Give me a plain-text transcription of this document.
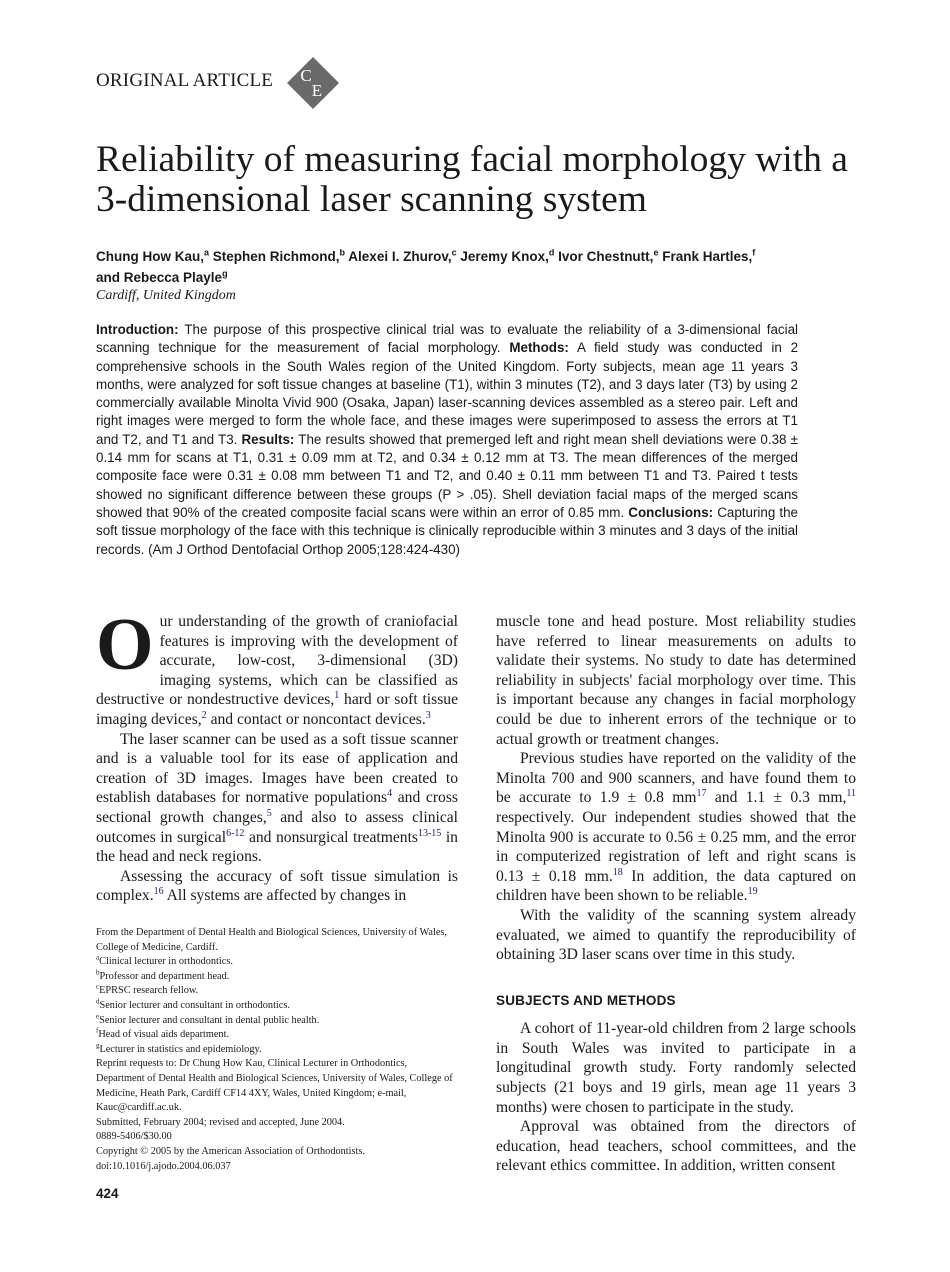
ORIGINAL ARTICLE C
E
Reliability of measuring facial morphology with a 3-dimensional laser scanning system
Chung How Kau,$^a$ Stephen Richmond,$^b$ Alexei I. Zhurov,$^c$ Jeremy Knox,$^d$ Ivor Chestnutt,$^e$ Frank Hartles,$^f$
and Rebecca Playle$^g$
Cardiff, United Kingdom
Introduction: The purpose of this prospective clinical trial was to evaluate the reliability of a 3-dimensional facial scanning technique for the measurement of facial morphology. Methods: A field study was conducted in 2 comprehensive schools in the South Wales region of the United Kingdom. Forty subjects, mean age 11 years 3 months, were analyzed for soft tissue changes at baseline (T1), within 3 minutes (T2), and 3 days later (T3) by using 2 commercially available Minolta Vivid 900 (Osaka, Japan) laser-scanning devices assembled as a stereo pair. Left and right images were merged to form the whole face, and these images were superimposed to assess the errors at T1 and T2, and T1 and T3. Results: The results showed that premerged left and right mean shell deviations were 0.38 ± 0.14 mm for scans at T1, 0.31 ± 0.09 mm at T2, and 0.34 ± 0.12 mm at T3. The mean differences of the merged composite face were 0.31 ± 0.08 mm between T1 and T2, and 0.40 ± 0.11 mm between T1 and T3. Paired t tests showed no significant difference between these groups (P > .05). Shell deviation facial maps of the merged scans showed that 90% of the created composite facial scans were within an error of 0.85 mm. Conclusions: Capturing the soft tissue morphology of the face with this technique is clinically reproducible within 3 minutes and 3 days of the initial records. (Am J Orthod Dentofacial Orthop 2005;128:424-430)

Our understanding of the growth of craniofacial features is improving with the development of accurate, low-cost, 3-dimensional (3D) imaging systems, which can be classified as destructive or nondestructive devices,$^1$ hard or soft tissue imaging devices,$^2$ and contact or noncontact devices.$^3$

The laser scanner can be used as a soft tissue scanner and is a valuable tool for its ease of application and creation of 3D images. Images have been created to establish databases for normative populations$^4$ and cross sectional growth changes,$^5$ and also to assess clinical outcomes in surgical$^{6-12}$ and nonsurgical treatments$^{13-15}$ in the head and neck regions.

Assessing the accuracy of soft tissue simulation is complex.$^{16}$ All systems are affected by changes in

muscle tone and head posture. Most reliability studies have referred to linear measurements on adults to validate their systems. No study to date has determined reliability in subjects' facial morphology over time. This is important because any changes in facial morphology could be due to inherent errors of the technique or to actual growth or treatment changes.

Previous studies have reported on the validity of the Minolta 700 and 900 scanners, and have found them to be accurate to 1.9 ± 0.8 $mm^{17}$ and 1.1 ± 0.3 mm,$^{11}$ respectively. Our independent studies showed that the Minolta 900 is accurate to 0.56 ± 0.25 mm, and the error in computerized registration of left and right scans is 0.13 ± 0.18 mm.$^{18}$ In addition, the data captured on children have been shown to be reliable.$^{19}$

With the validity of the scanning system already evaluated, we aimed to quantify the reproducibility of obtaining 3D laser scans over time in this study.

SUBJECTS AND METHODS

A cohort of 11-year-old children from 2 large schools in South Wales was invited to participate in a longitudinal growth study. Forty randomly selected subjects (21 boys and 19 girls, mean age 11 years 3 months) were chosen to participate in the study.

Approval was obtained from the directors of education, head teachers, school committees, and the relevant ethics committee. In addition, written consent

From the Department of Dental Health and Biological Sciences, University of Wales, College of Medicine, Cardiff.
$^a$Clinical lecturer in orthodontics.
$^b$Professor and department head.
$^c$EPRSC research fellow.
$^d$Senior lecturer and consultant in orthodontics.
$^e$Senior lecturer and consultant in dental public health.
$^f$Head of visual aids department.
$^g$Lecturer in statistics and epidemiology.
Reprint requests to: Dr Chung How Kau, Clinical Lecturer in Orthodontics, Department of Dental Health and Biological Sciences, University of Wales, College of Medicine, Heath Park, Cardiff CF14 4XY, Wales, United Kingdom; e-mail, Kauc@cardiff.ac.uk.
Submitted, February 2004; revised and accepted, June 2004.
0889-5406/$30.00
Copyright © 2005 by the American Association of Orthodontists.
doi:10.1016/j.ajodo.2004.06.037
424
